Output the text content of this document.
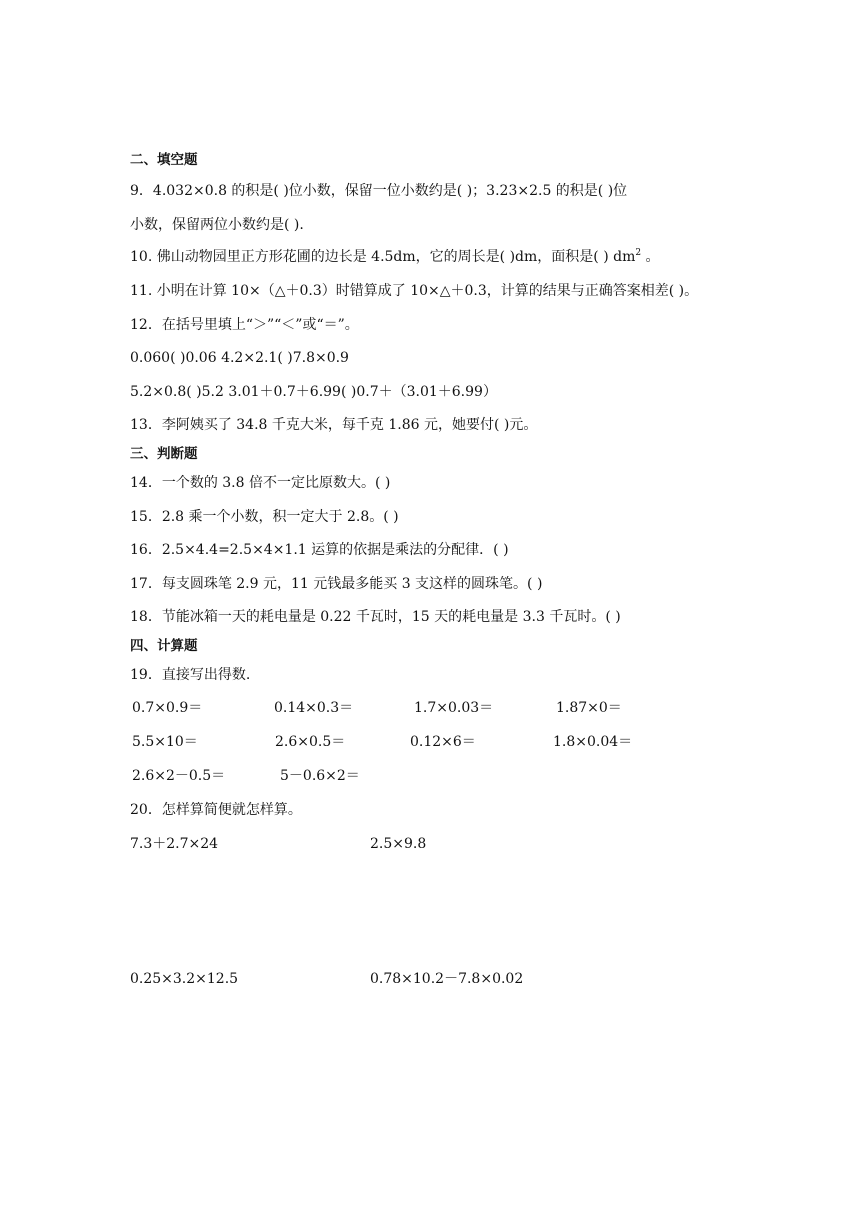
二、填空题
9．4.032×0.8 的积是( )位小数，保留一位小数约是( )；3.23×2.5 的积是( )位
小数，保留两位小数约是( ).
10. 佛山动物园里正方形花圃的边长是 4.5dm，它的周长是( )dm，面积是( ) $dm^2$ 。
11. 小明在计算 10×（△＋0.3）时错算成了 10×△＋0.3，计算的结果与正确答案相差( )。
12．在括号里填上“＞”“＜”或“＝”。
0.060( )0.06 4.2×2.1( )7.8×0.9
5.2×0.8( )5.2 3.01＋0.7＋6.99( )0.7＋（3.01＋6.99）
13．李阿姨买了 34.8 千克大米，每千克 1.86 元，她要付( )元。
三、判断题
14．一个数的 3.8 倍不一定比原数大。( )
15．2.8 乘一个小数，积一定大于 2.8。( )
16．2.5×4.4=2.5×4×1.1 运算的依据是乘法的分配律．( )
17．每支圆珠笔 2.9 元，11 元钱最多能买 3 支这样的圆珠笔。( )
18．节能冰箱一天的耗电量是 0.22 千瓦时，15 天的耗电量是 3.3 千瓦时。( )
四、计算题
19．直接写出得数.
0.7×0.9＝	0.14×0.3＝	1.7×0.03＝	1.87×0＝
5.5×10＝	2.6×0.5＝	0.12×6＝	1.8×0.04＝
2.6×2－0.5＝	5－0.6×2＝
20．怎样算简便就怎样算。
7.3＋2.7×24	2.5×9.8
0.25×3.2×12.5	0.78×10.2－7.8×0.02
